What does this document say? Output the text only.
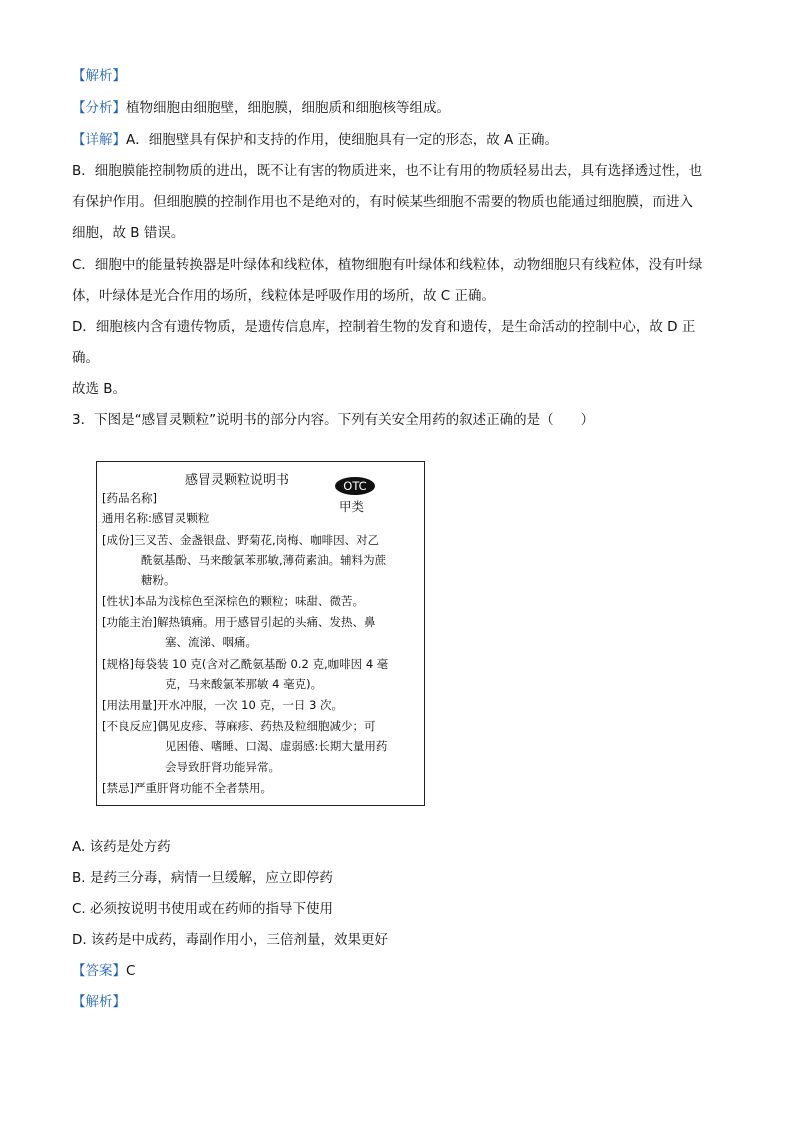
【解析】
【分析】植物细胞由细胞壁，细胞膜，细胞质和细胞核等组成。
【详解】A．细胞壁具有保护和支持的作用，使细胞具有一定的形态，故 A 正确。
B．细胞膜能控制物质的进出，既不让有害的物质进来，也不让有用的物质轻易出去，具有选择透过性，也
有保护作用。但细胞膜的控制作用也不是绝对的，有时候某些细胞不需要的物质也能通过细胞膜，而进入
细胞，故 B 错误。
C．细胞中的能量转换器是叶绿体和线粒体，植物细胞有叶绿体和线粒体，动物细胞只有线粒体，没有叶绿
体，叶绿体是光合作用的场所，线粒体是呼吸作用的场所，故 C 正确。
D．细胞核内含有遗传物质，是遗传信息库，控制着生物的发育和遗传，是生命活动的控制中心，故 D 正
确。
故选 B。
3．下图是“感冒灵颗粒”说明书的部分内容。下列有关安全用药的叙述正确的是（　　）
感冒灵颗粒说明书	OTC
甲类
[药品名称]
通用名称:感冒灵颗粒
[成份]三叉苦、金盏银盘、野菊花,岗梅、咖啡因、对乙
酰氨基酚、马来酸氯苯那敏,薄荷素油。辅料为蔗
糖粉。
[性状]本品为浅棕色至深棕色的颗粒；味甜、微苦。
[功能主治]解热镇痛。用于感冒引起的头痛、发热、鼻
塞、流涕、咽痛。
[规格]每袋装 10 克(含对乙酰氨基酚 0.2 克,咖啡因 4 毫
克，马来酸氯苯那敏 4 毫克)。
[用法用量]开水冲服，一次 10 克，一日 3 次。
[不良反应]偶见皮疹、荨麻疹、药热及粒细胞减少；可
见困倦、嗜睡、口渴、虚弱感:长期大量用药
会导致肝肾功能异常。
[禁忌]严重肝肾功能不全者禁用。
A. 该药是处方药
B. 是药三分毒，病情一旦缓解，应立即停药
C. 必须按说明书使用或在药师的指导下使用
D. 该药是中成药，毒副作用小，三倍剂量，效果更好
【答案】C
【解析】
